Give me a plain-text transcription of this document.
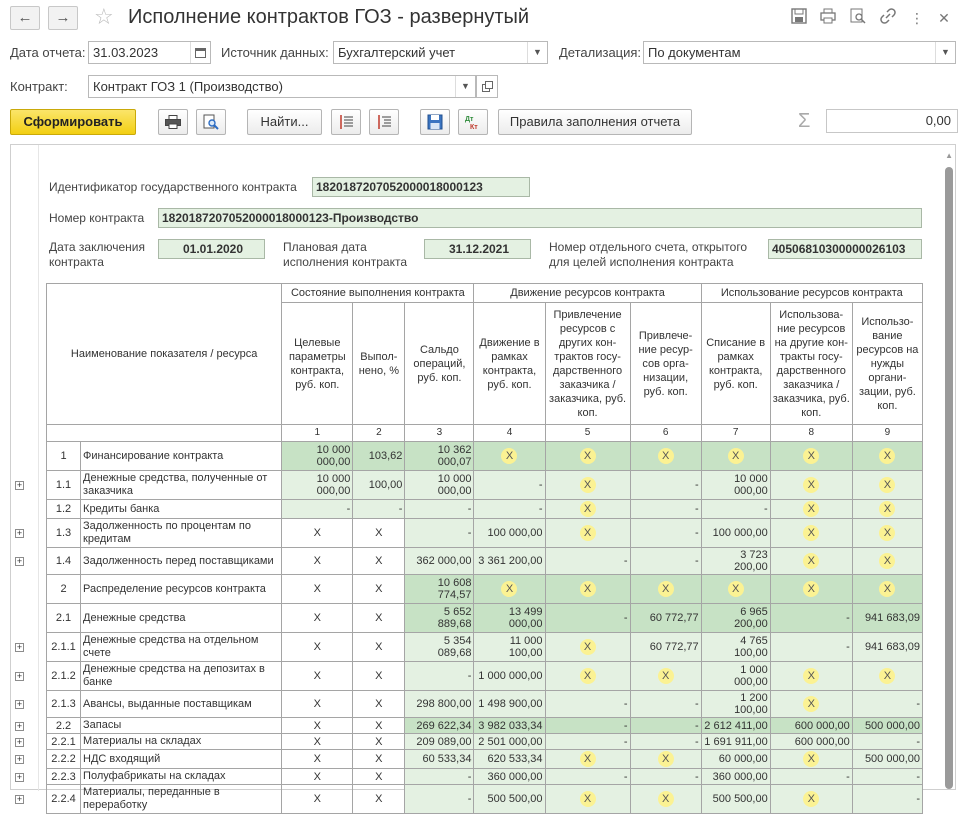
←	→	☆ Исполнение контрактов ГОЗ - развернутый	⋮ ✕
Дата отчета: 31.03.2023	Источник данных: Бухгалтерский учет	▼	Детализация: По документам	▼
Контракт:	Контракт ГОЗ 1 (Производство)	▼
Сформировать	Найти...	Дт
Кт	Правила заполнения отчета	Σ	0,00
▲
Идентификатор государственного контракта	1820187207052000018000123
Номер контракта	1820187207052000018000123-Производство
Дата заключения контракта
01.01.2020	Плановая дата исполнения контракта
31.12.2021	Номер отдельного счета, открытого для целей исполнения контракта
40506810300000026103
+
+
+
+
+
+
+
+
+
+
+
Наименование показателя / ресурса		Состояние выполнения контракта			Движение ресурсов контракта			Использование ресурсов контракта		
		Целевые параметры контракта, руб. коп.	Выпол- нено, %	Сальдо операций, руб. коп.	Движение в рамках контракта, руб. коп.	Привлечение ресурсов с других кон- трактов госу- дарственного заказчика / заказчика, руб. коп.	Привлече- ние ресур- сов орга- низации, руб. коп.	Списание в рамках контракта, руб. коп.	Использова- ние ресурсов на другие кон- тракты госу- дарственного заказчика / заказчика, руб. коп.	Использо- вание ресурсов на нужды органи- зации, руб. коп.
		1	2	3	4	5	6	7	8	9
1	Финансирование контракта	10 000 000,00	103,62	10 362 000,07	X	X	X	X	X	X
1.1	Денежные средства, полученные от заказчика	10 000 000,00	100,00	10 000 000,00	-	X	-	10 000 000,00	X	X
1.2	Кредиты банка	-	-	-	-	X	-	-	X	X
1.3	Задолженность по процентам по кредитам	X	X	-	100 000,00	X	-	100 000,00	X	X
1.4	Задолженность перед поставщиками	X	X	362 000,00	3 361 200,00	-	-	3 723 200,00	X	X
2	Распределение ресурсов контракта	X	X	10 608 774,57	X	X	X	X	X	X
2.1	Денежные средства	X	X	5 652 889,68	13 499 000,00	-	60 772,77	6 965 200,00	-	941 683,09
2.1.1	Денежные средства на отдельном счете	X	X	5 354 089,68	11 000 100,00	X	60 772,77	4 765 100,00	-	941 683,09
2.1.2	Денежные средства на депозитах в банке	X	X	-	1 000 000,00	X	X	1 000 000,00	X	X
2.1.3	Авансы, выданные поставщикам	X	X	298 800,00	1 498 900,00	-	-	1 200 100,00	X	-
2.2	Запасы	X	X	269 622,34	3 982 033,34	-	-	2 612 411,00	600 000,00	500 000,00
2.2.1	Материалы на складах	X	X	209 089,00	2 501 000,00	-	-	1 691 911,00	600 000,00	-
2.2.2	НДС входящий	X	X	60 533,34	620 533,34	X	X	60 000,00	X	500 000,00
2.2.3	Полуфабрикаты на складах	X	X	-	360 000,00	-	-	360 000,00	-	-
2.2.4	Материалы, переданные в переработку	X	X	-	500 500,00	X	X	500 500,00	X	-
